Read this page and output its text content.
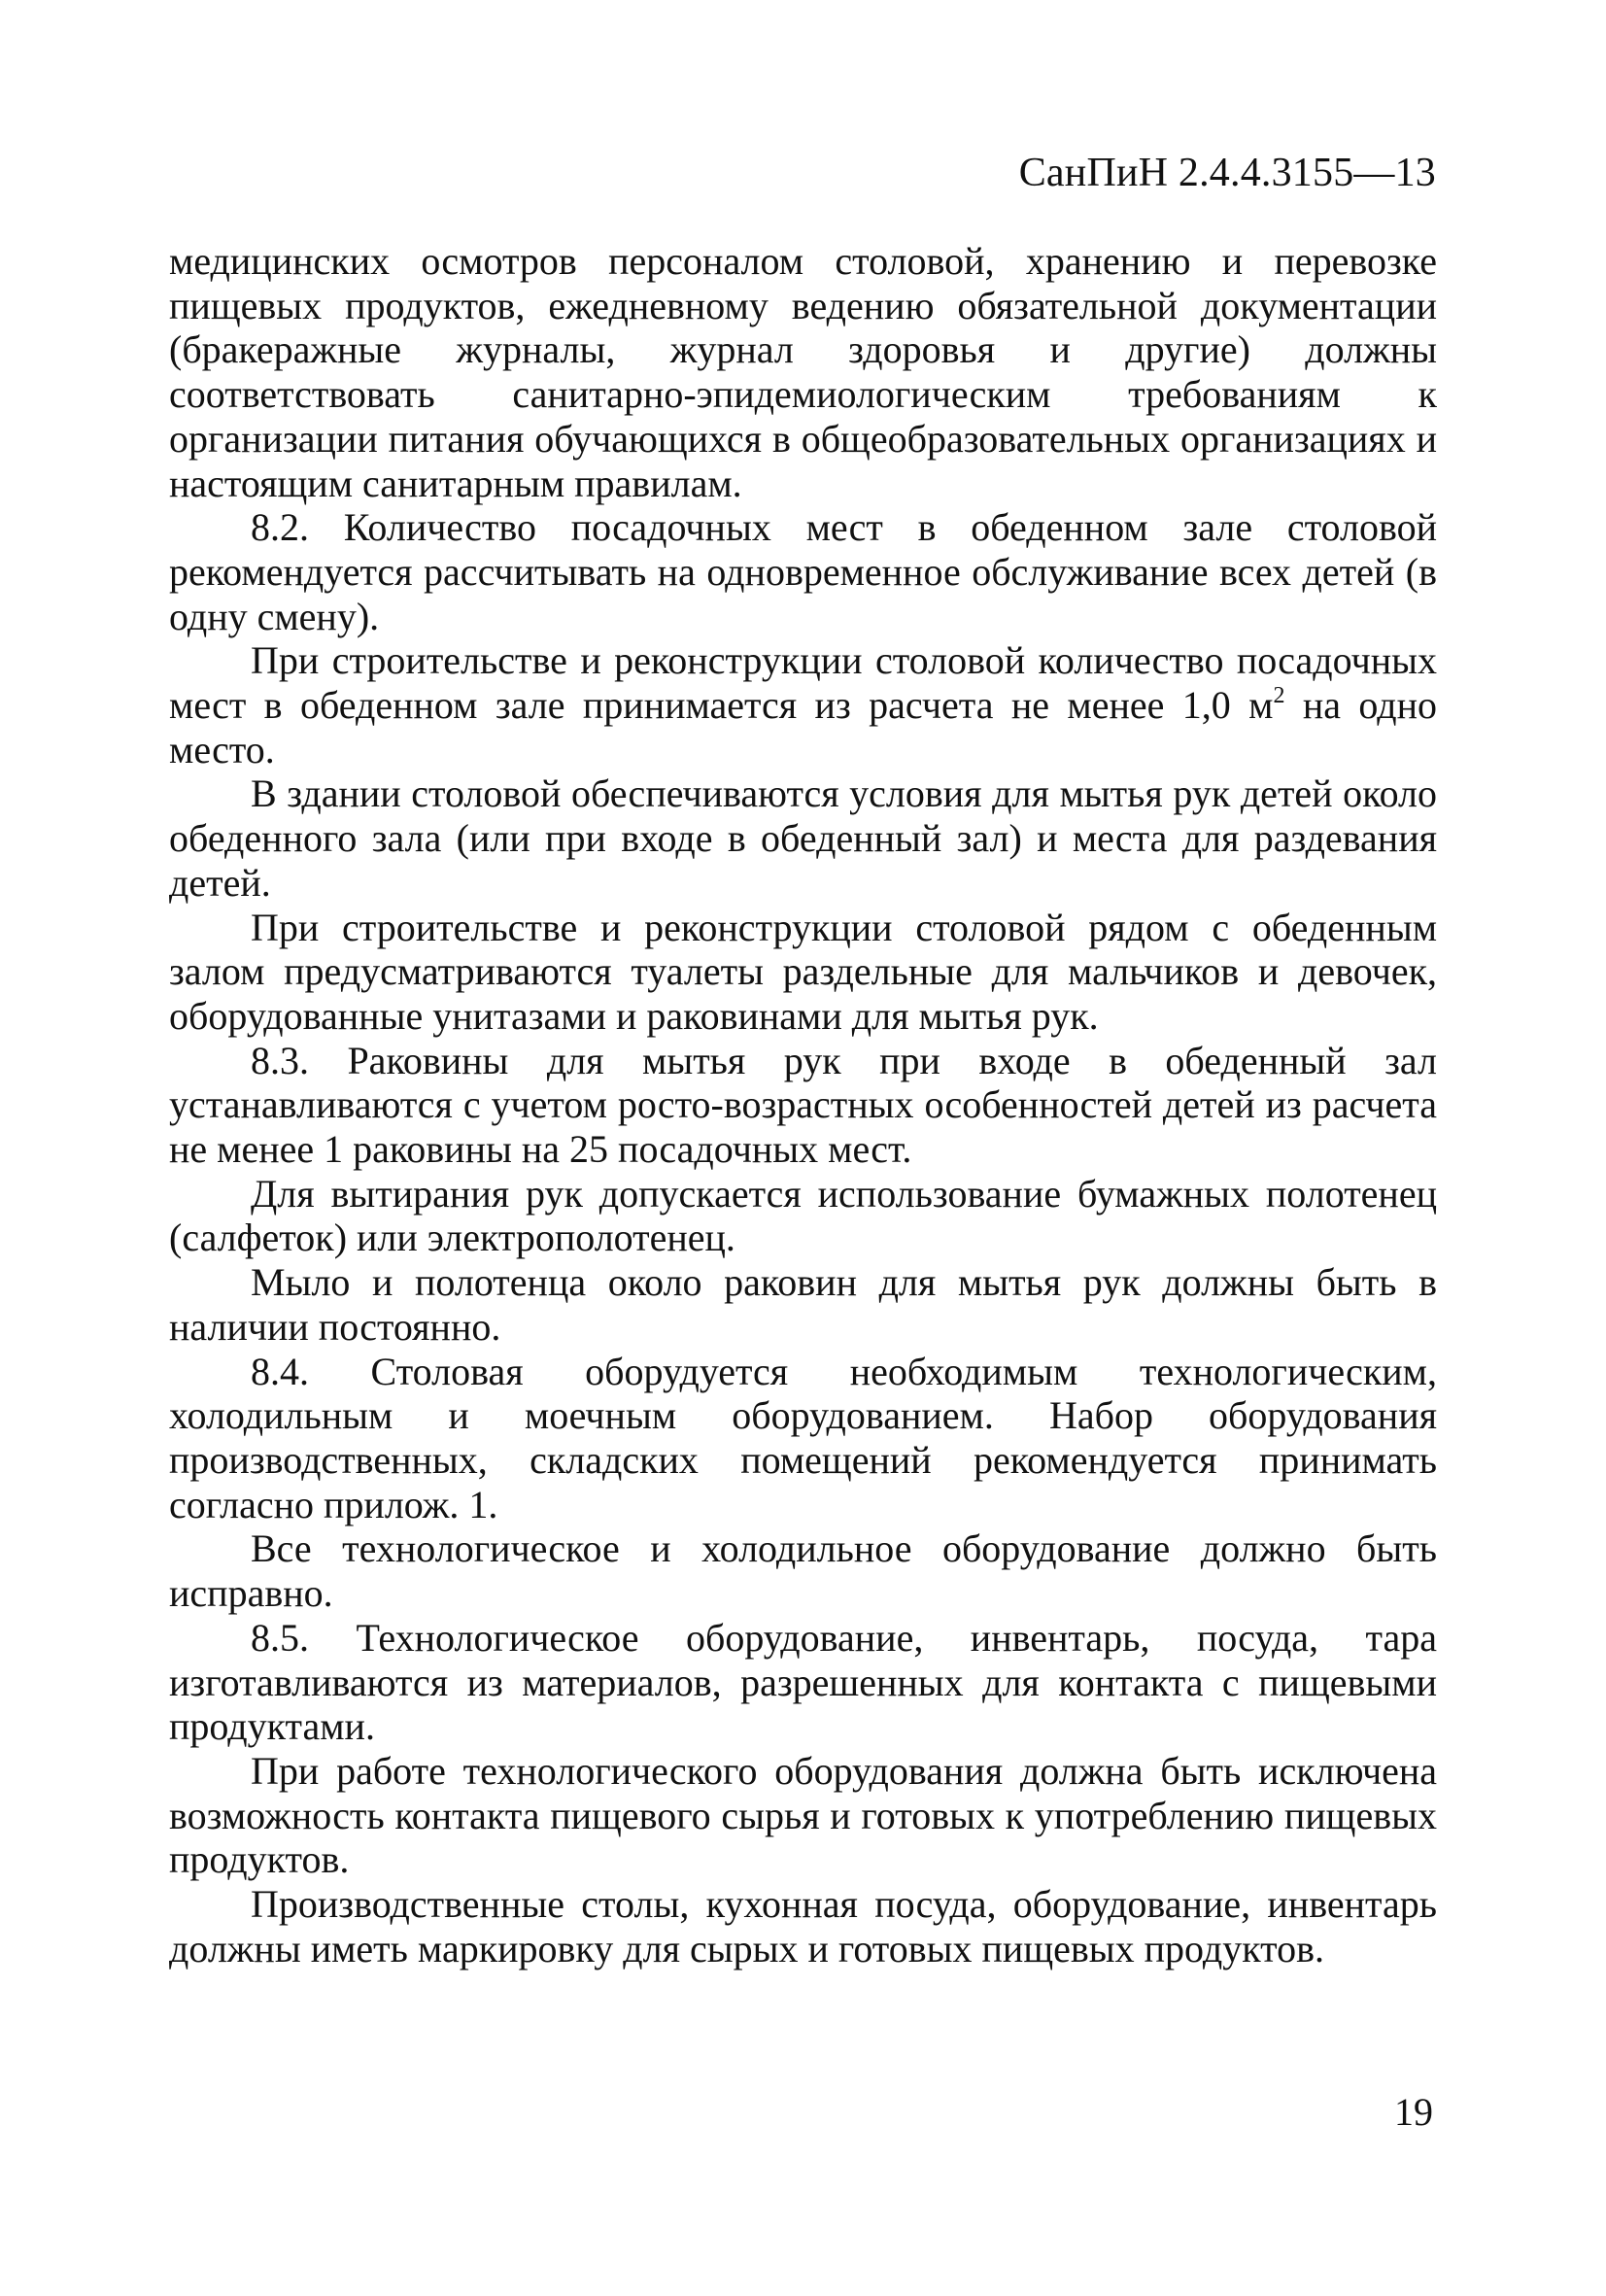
СанПиН 2.4.4.3155—13

медицинских осмотров персоналом столовой, хранению и перевозке пищевых продуктов, ежедневному ведению обязательной документации (бракеражные журналы, журнал здоровья и другие) должны соответствовать санитарно-эпидемиологическим требованиям к организации питания обучающихся в общеобразовательных организациях и настоящим санитарным правилам.

8.2. Количество посадочных мест в обеденном зале столовой рекомендуется рассчитывать на одновременное обслуживание всех детей (в одну смену).

При строительстве и реконструкции столовой количество посадочных мест в обеденном зале принимается из расчета не менее 1,0 $м^2$ на одно место.

В здании столовой обеспечиваются условия для мытья рук детей около обеденного зала (или при входе в обеденный зал) и места для раздевания детей.

При строительстве и реконструкции столовой рядом с обеденным залом предусматриваются туалеты раздельные для мальчиков и девочек, оборудованные унитазами и раковинами для мытья рук.

8.3. Раковины для мытья рук при входе в обеденный зал устанавливаются с учетом росто-возрастных особенностей детей из расчета не менее 1 раковины на 25 посадочных мест.

Для вытирания рук допускается использование бумажных полотенец (салфеток) или электрополотенец.

Мыло и полотенца около раковин для мытья рук должны быть в наличии постоянно.

8.4. Столовая оборудуется необходимым технологическим, холодильным и моечным оборудованием. Набор оборудования производственных, складских помещений рекомендуется принимать согласно прилож. 1.

Все технологическое и холодильное оборудование должно быть исправно.

8.5. Технологическое оборудование, инвентарь, посуда, тара изготавливаются из материалов, разрешенных для контакта с пищевыми продуктами.

При работе технологического оборудования должна быть исключена возможность контакта пищевого сырья и готовых к употреблению пищевых продуктов.

Производственные столы, кухонная посуда, оборудование, инвентарь должны иметь маркировку для сырых и готовых пищевых продуктов.

19
